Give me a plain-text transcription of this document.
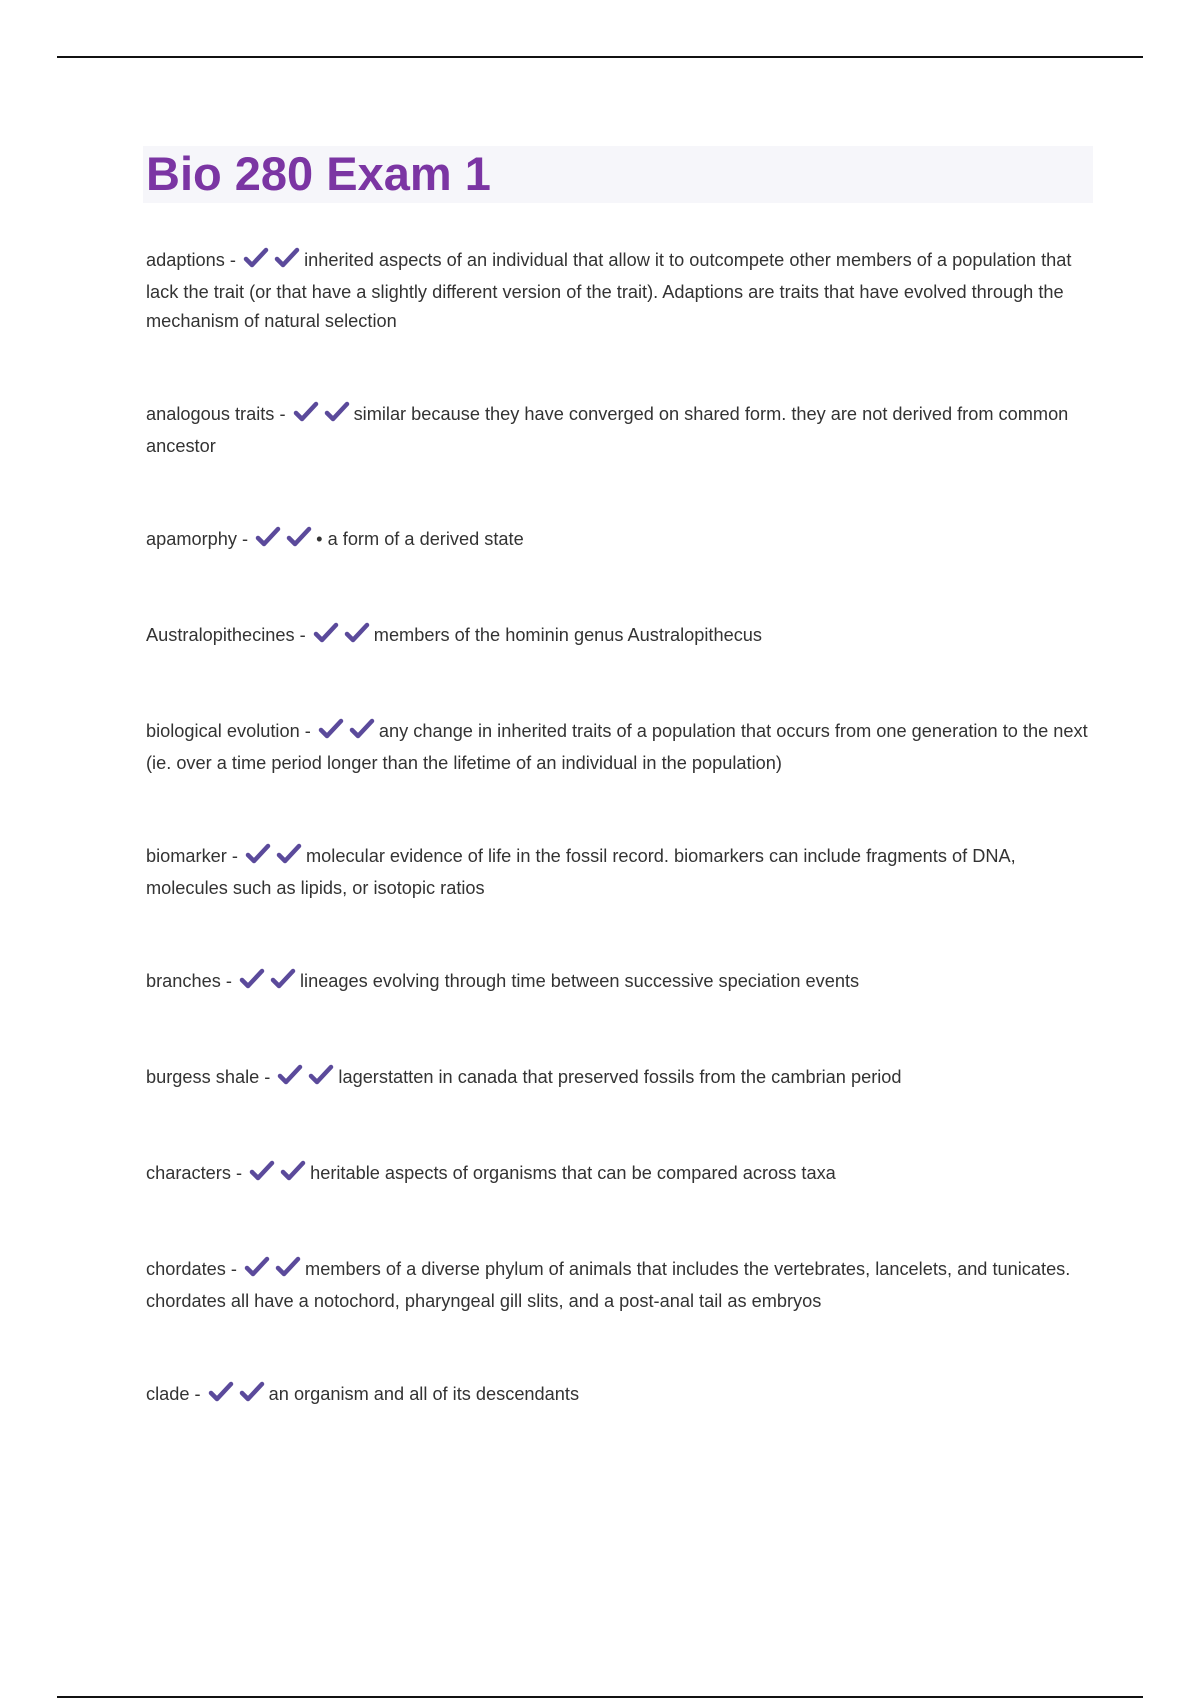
Bio 280 Exam 1

adaptions -	inherited aspects of an individual that allow it to outcompete other members of a population that lack the trait (or that have a slightly different version of the trait). Adaptions are traits that have evolved through the mechanism of natural selection

analogous traits -	similar because they have converged on shared form. they are not derived from common ancestor

apamorphy -	• a form of a derived state

Australopithecines -	members of the hominin genus Australopithecus

biological evolution -	any change in inherited traits of a population that occurs from one generation to the next (ie. over a time period longer than the lifetime of an individual in the population)

biomarker -	molecular evidence of life in the fossil record. biomarkers can include fragments of DNA, molecules such as lipids, or isotopic ratios

branches -	lineages evolving through time between successive speciation events

burgess shale -	lagerstatten in canada that preserved fossils from the cambrian period

characters -	heritable aspects of organisms that can be compared across taxa

chordates -	members of a diverse phylum of animals that includes the vertebrates, lancelets, and tunicates. chordates all have a notochord, pharyngeal gill slits, and a post-anal tail as embryos

clade -	an organism and all of its descendants
